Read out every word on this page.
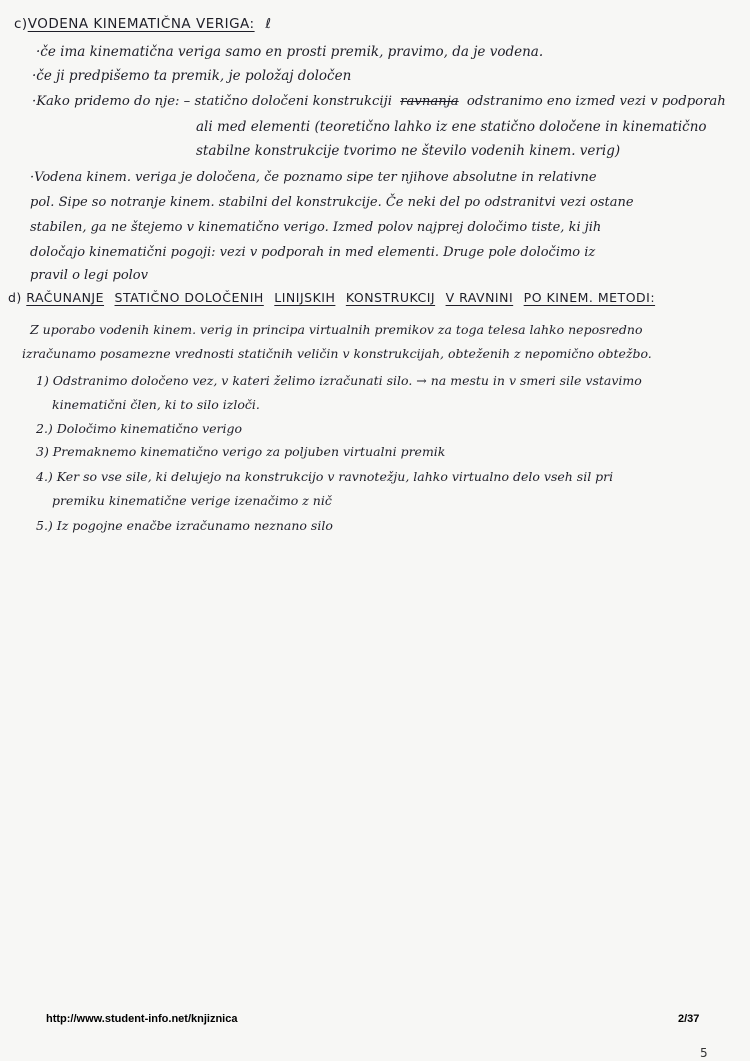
c)VODENA KINEMATIČNA VERIGA: ℓ
·če ima kinematična veriga samo en prosti premik, pravimo, da je vodena.
·če ji predpišemo ta premik, je položaj določen
·Kako pridemo do nje: – statično določeni konstrukciji ravnanja odstranimo eno izmed vezi v podporah
ali med elementi (teoretično lahko iz ene statično določene in kinematično
stabilne konstrukcije tvorimo ne število vodenih kinem. verig)
·Vodena kinem. veriga je določena, če poznamo sipe ter njihove absolutne in relativne
pol. Sipe so notranje kinem. stabilni del konstrukcije. Če neki del po odstranitvi vezi ostane
stabilen, ga ne štejemo v kinematično verigo. Izmed polov najprej določimo tiste, ki jih
določajo kinematični pogoji: vezi v podporah in med elementi. Druge pole določimo iz
pravil o legi polov
d) RAČUNANJE STATIČNO DOLOČENIH LINIJSKIH KONSTRUKCIJ V RAVNINI PO KINEM. METODI:
Z uporabo vodenih kinem. verig in principa virtualnih premikov za toga telesa lahko neposredno
izračunamo posamezne vrednosti statičnih veličin v konstrukcijah, obteženih z nepomično obtežbo.
1) Odstranimo določeno vez, v kateri želimo izračunati silo. → na mestu in v smeri sile vstavimo
kinematični člen, ki to silo izloči.
2.) Določimo kinematično verigo
3) Premaknemo kinematično verigo za poljuben virtualni premik
4.) Ker so vse sile, ki delujejo na konstrukcijo v ravnotežju, lahko virtualno delo vseh sil pri
premiku kinematične verige izenačimo z nič
5.) Iz pogojne enačbe izračunamo neznano silo
http://www.student-info.net/knjiznica	2/37
5
